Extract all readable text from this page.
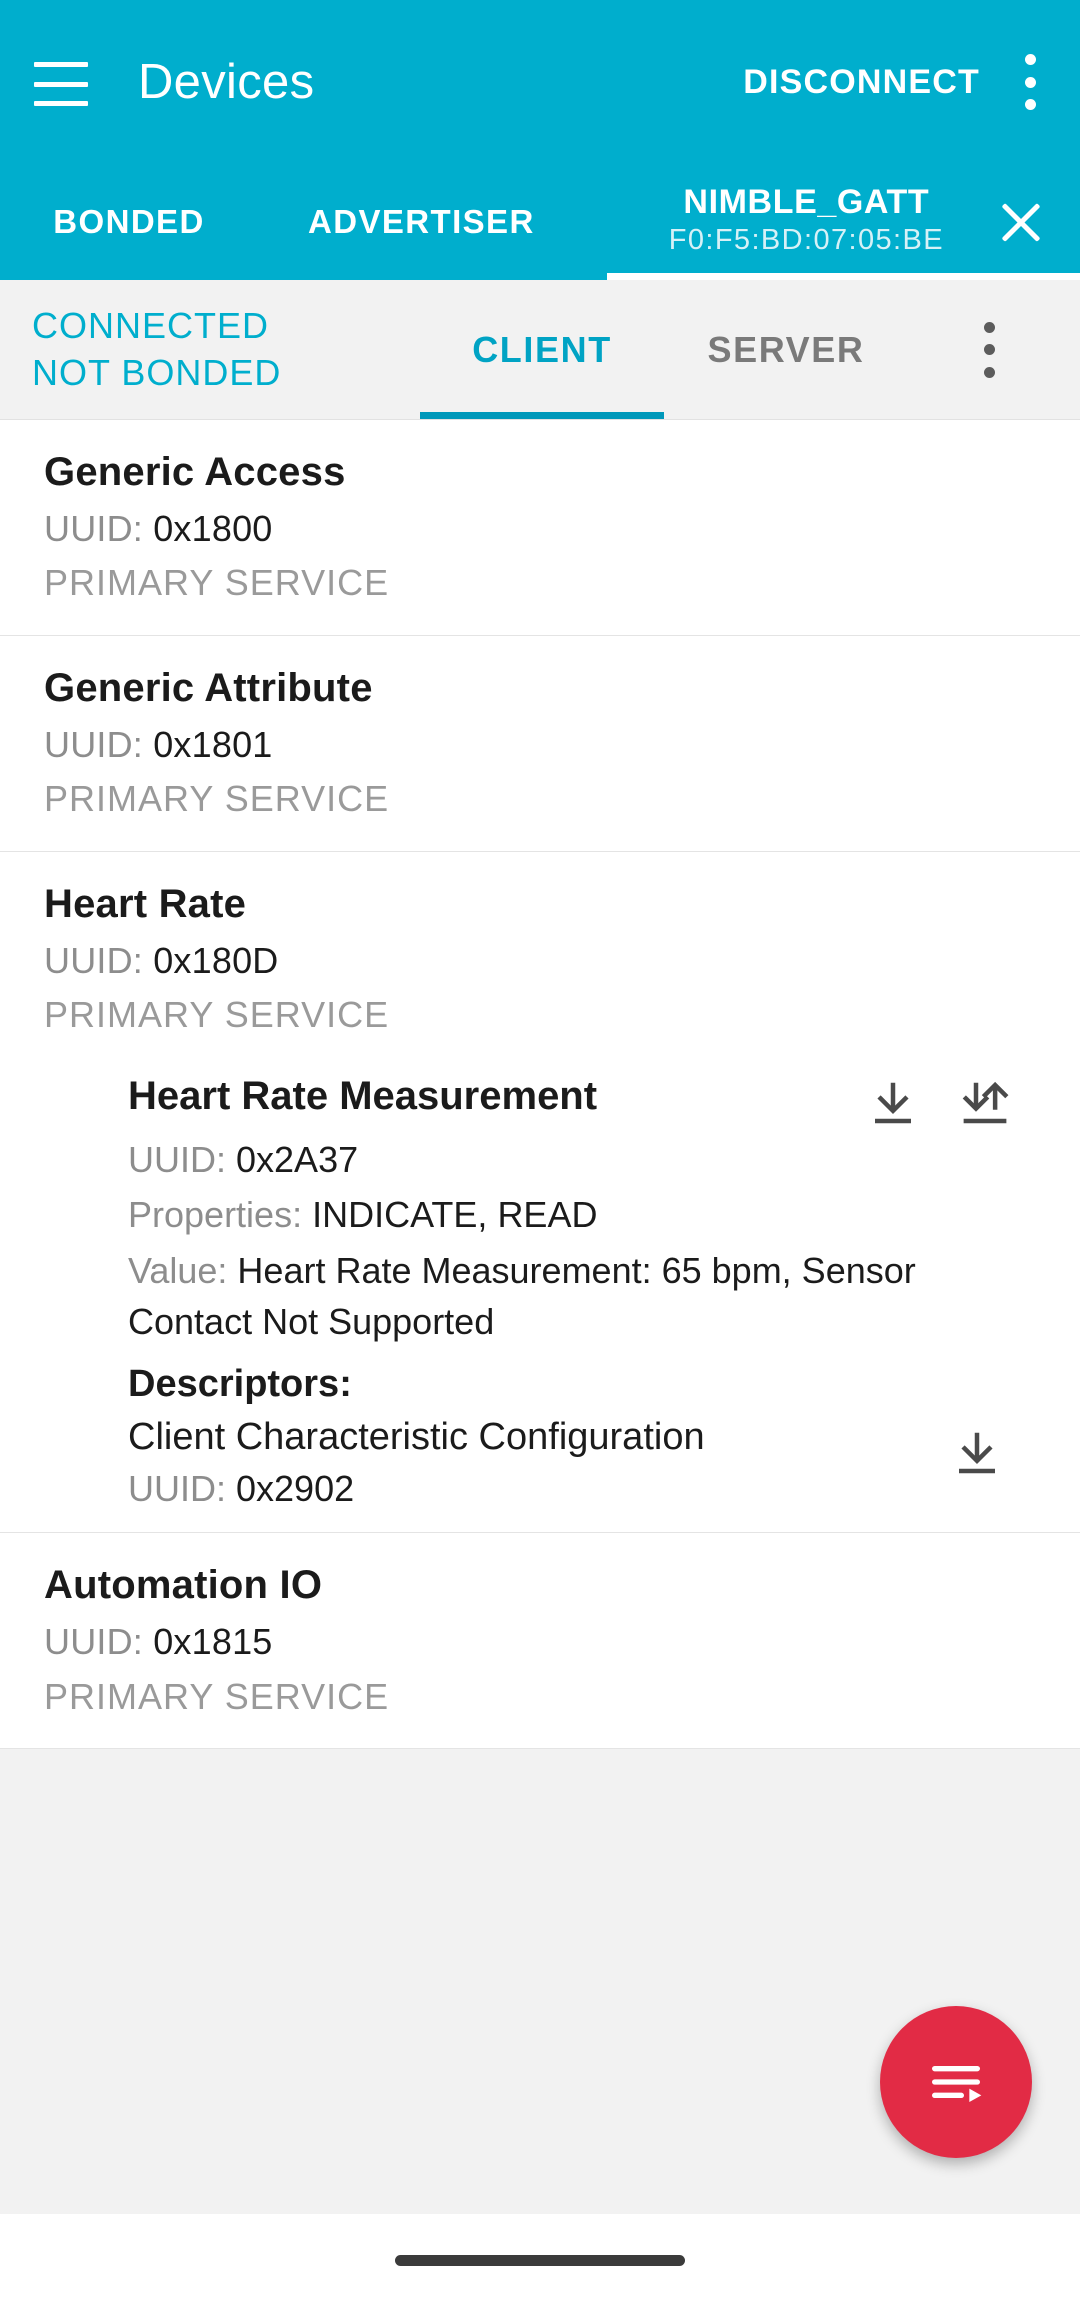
Devices	DISCONNECT
BONDED	ADVERTISER
NIMBLE_GATT
F0:F5:BD:07:05:BE
CONNECTED
NOT BONDED
CLIENT	SERVER
Generic Access
UUID: 0x1800
PRIMARY SERVICE
Generic Attribute
UUID: 0x1801
PRIMARY SERVICE
Heart Rate
UUID: 0x180D
PRIMARY SERVICE
Heart Rate Measurement
UUID: 0x2A37
Properties: INDICATE, READ
Value: Heart Rate Measurement: 65 bpm, Sensor Contact Not Supported
Descriptors:
Client Characteristic Configuration
UUID: 0x2902
Automation IO
UUID: 0x1815
PRIMARY SERVICE
